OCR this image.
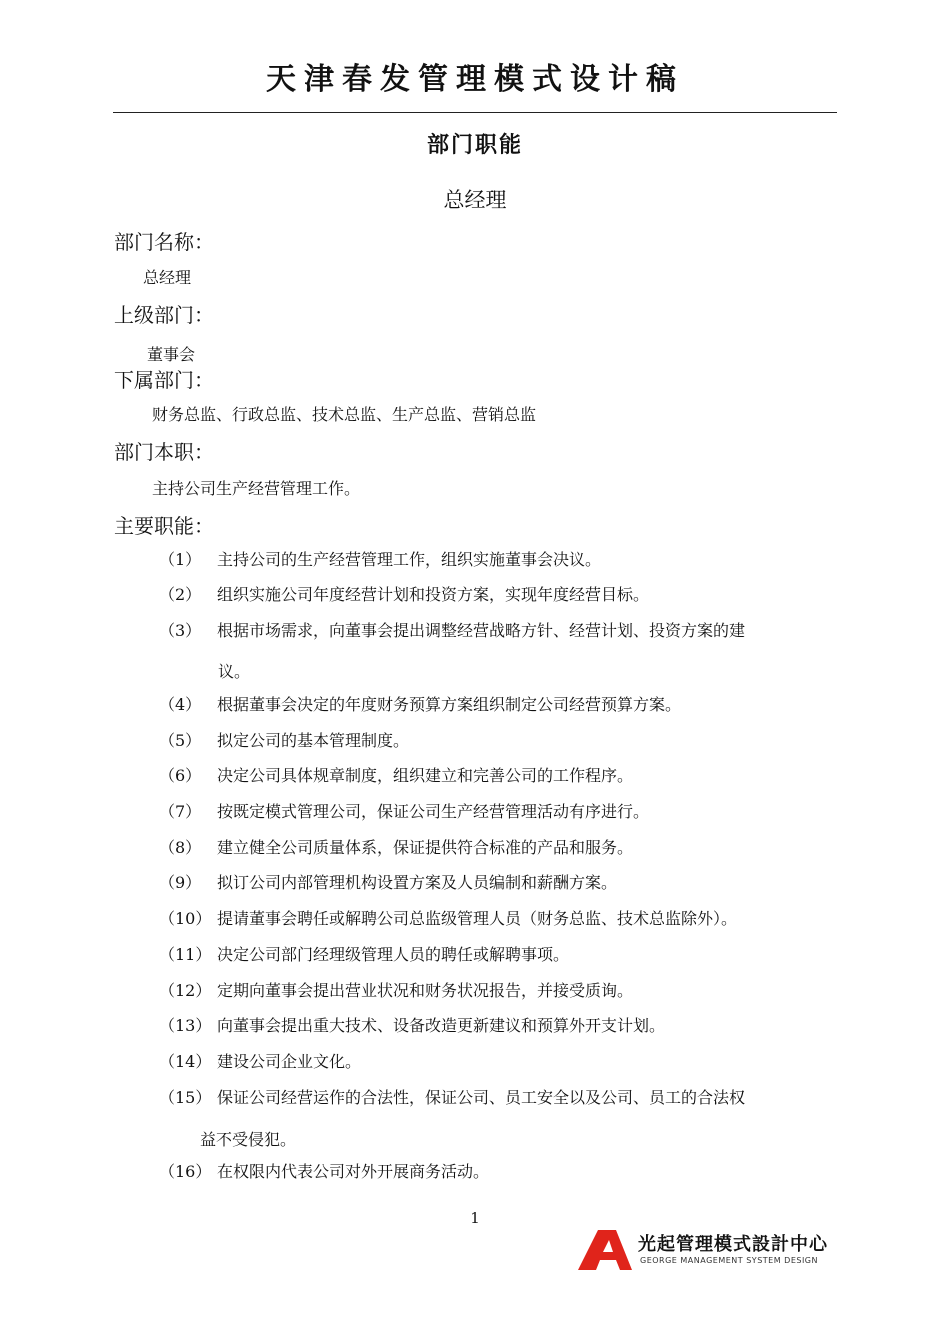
天津春发管理模式设计稿
部门职能
总经理
部门名称：
总经理
上级部门：
董事会
下属部门：
财务总监、行政总监、技术总监、生产总监、营销总监
部门本职：
主持公司生产经营管理工作。
主要职能：
（1） 主持公司的生产经营管理工作，组织实施董事会决议。
（2） 组织实施公司年度经营计划和投资方案，实现年度经营目标。
（3） 根据市场需求，向董事会提出调整经营战略方针、经营计划、投资方案的建
议。
（4） 根据董事会决定的年度财务预算方案组织制定公司经营预算方案。
（5） 拟定公司的基本管理制度。
（6） 决定公司具体规章制度，组织建立和完善公司的工作程序。
（7） 按既定模式管理公司，保证公司生产经营管理活动有序进行。
（8） 建立健全公司质量体系，保证提供符合标准的产品和服务。
（9） 拟订公司内部管理机构设置方案及人员编制和薪酬方案。
（10） 提请董事会聘任或解聘公司总监级管理人员（财务总监、技术总监除外）。
（11） 决定公司部门经理级管理人员的聘任或解聘事项。
（12） 定期向董事会提出营业状况和财务状况报告，并接受质询。
（13） 向董事会提出重大技术、设备改造更新建议和预算外开支计划。
（14） 建设公司企业文化。
（15） 保证公司经营运作的合法性，保证公司、员工安全以及公司、员工的合法权
益不受侵犯。
（16） 在权限内代表公司对外开展商务活动。
1
光起管理模式設計中心
GEORGE MANAGEMENT SYSTEM DESIGN
